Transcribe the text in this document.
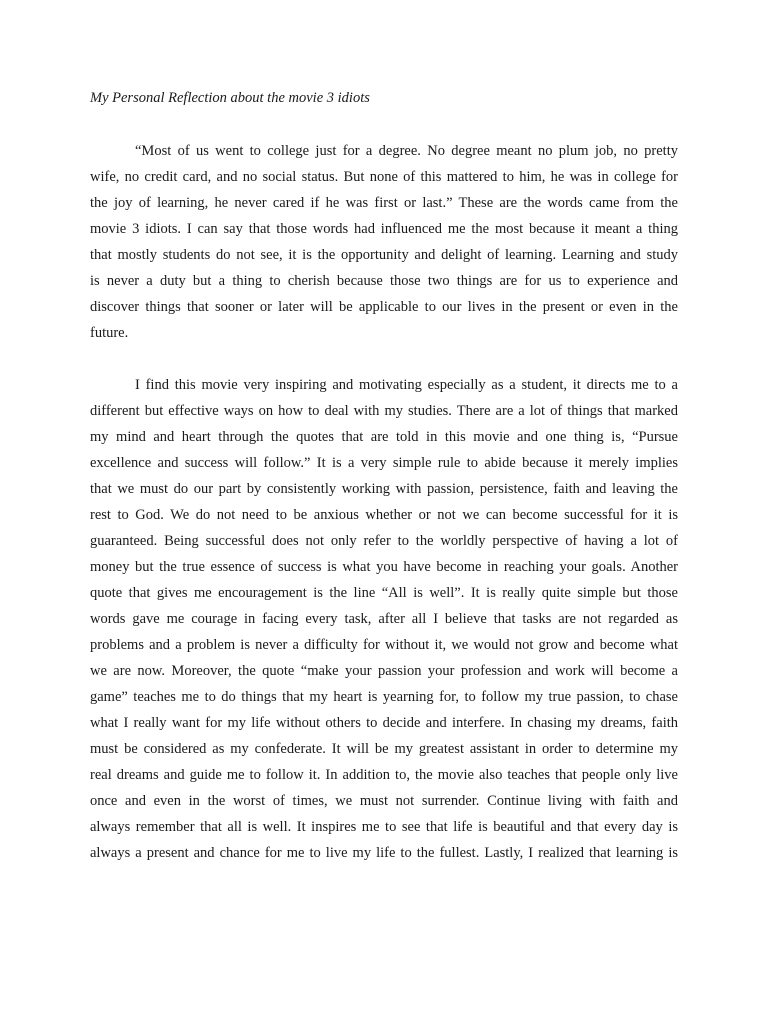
My Personal Reflection about the movie 3 idiots
“Most of us went to college just for a degree. No degree meant no plum job, no pretty
wife, no credit card, and no social status. But none of this mattered to him, he was in college for
the joy of learning, he never cared if he was first or last.” These are the words came from the
movie 3 idiots. I can say that those words had influenced me the most because it meant a thing
that mostly students do not see, it is the opportunity and delight of learning. Learning and study
is never a duty but a thing to cherish because those two things are for us to experience and
discover things that sooner or later will be applicable to our lives in the present or even in the
future.
I find this movie very inspiring and motivating especially as a student, it directs me to a
different but effective ways on how to deal with my studies. There are a lot of things that marked
my mind and heart through the quotes that are told in this movie and one thing is, “Pursue
excellence and success will follow.” It is a very simple rule to abide because it merely implies
that we must do our part by consistently working with passion, persistence, faith and leaving the
rest to God. We do not need to be anxious whether or not we can become successful for it is
guaranteed. Being successful does not only refer to the worldly perspective of having a lot of
money but the true essence of success is what you have become in reaching your goals. Another
quote that gives me encouragement is the line “All is well”. It is really quite simple but those
words gave me courage in facing every task, after all I believe that tasks are not regarded as
problems and a problem is never a difficulty for without it, we would not grow and become what
we are now. Moreover, the quote “make your passion your profession and work will become a
game” teaches me to do things that my heart is yearning for, to follow my true passion, to chase
what I really want for my life without others to decide and interfere. In chasing my dreams, faith
must be considered as my confederate. It will be my greatest assistant in order to determine my
real dreams and guide me to follow it. In addition to, the movie also teaches that people only live
once and even in the worst of times, we must not surrender. Continue living with faith and
always remember that all is well. It inspires me to see that life is beautiful and that every day is
always a present and chance for me to live my life to the fullest. Lastly, I realized that learning is
